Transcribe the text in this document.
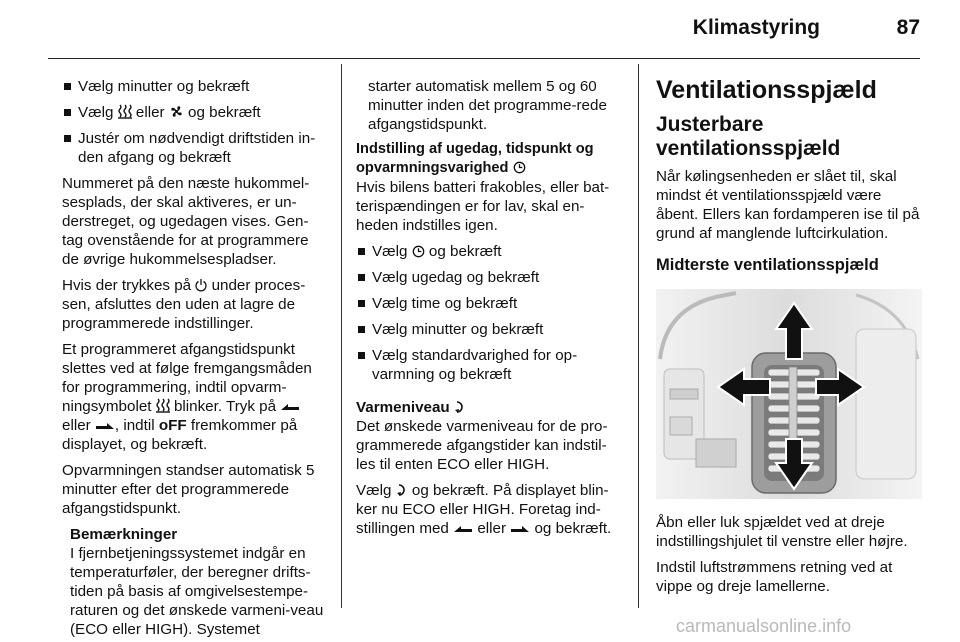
Klimastyring	87
Vælg minutter og bekræft
Vælg  eller  og bekræft
Justér om nødvendigt driftstiden in-den afgang og bekræft

Nummeret på den næste hukommel-sesplads, der skal aktiveres, er un-derstreget, og ugedagen vises. Gen-tag ovenstående for at programmere de øvrige hukommelsespladser.

Hvis der trykkes på  under proces-sen, afsluttes den uden at lagre de programmerede indstillinger.

Et programmeret afgangstidspunkt slettes ved at følge fremgangsmåden for programmering, indtil opvarm-ningsymbolet  blinker. Tryk på
eller , indtil oFF fremkommer på displayet, og bekræft.

Opvarmningen standser automatisk 5 minutter efter det programmerede afgangstidspunkt.

Bemærkninger
I fjernbetjeningssystemet indgår en temperaturføler, der beregner drifts-tiden på basis af omgivelsestempe-raturen og det ønskede varmeni-veau (ECO eller HIGH). Systemet

starter automatisk mellem 5 og 60 minutter inden det programme-rede afgangstidspunkt.

Indstilling af ugedag, tidspunkt og opvarmningsvarighed

Hvis bilens batteri frakobles, eller bat-terispændingen er for lav, skal en-heden indstilles igen.

Vælg  og bekræft
Vælg ugedag og bekræft
Vælg time og bekræft
Vælg minutter og bekræft
Vælg standardvarighed for op-varmning og bekræft
Varmeniveau

Det ønskede varmeniveau for de pro-grammerede afgangstider kan indstil-les til enten ECO eller HIGH.

Vælg  og bekræft. På displayet blin-ker nu ECO eller HIGH. Foretag ind-stillingen med  eller  og bekræft.

Ventilationsspjæld
Justerbare ventilationsspjæld

Når kølingsenheden er slået til, skal mindst ét ventilationsspjæld være åbent. Ellers kan fordamperen ise til på grund af manglende luftcirkulation.

Midterste ventilationsspjæld

Åbn eller luk spjældet ved at dreje indstillingshjulet til venstre eller højre.

Indstil luftstrømmens retning ved at vippe og dreje lamellerne.

carmanualsonline.info
